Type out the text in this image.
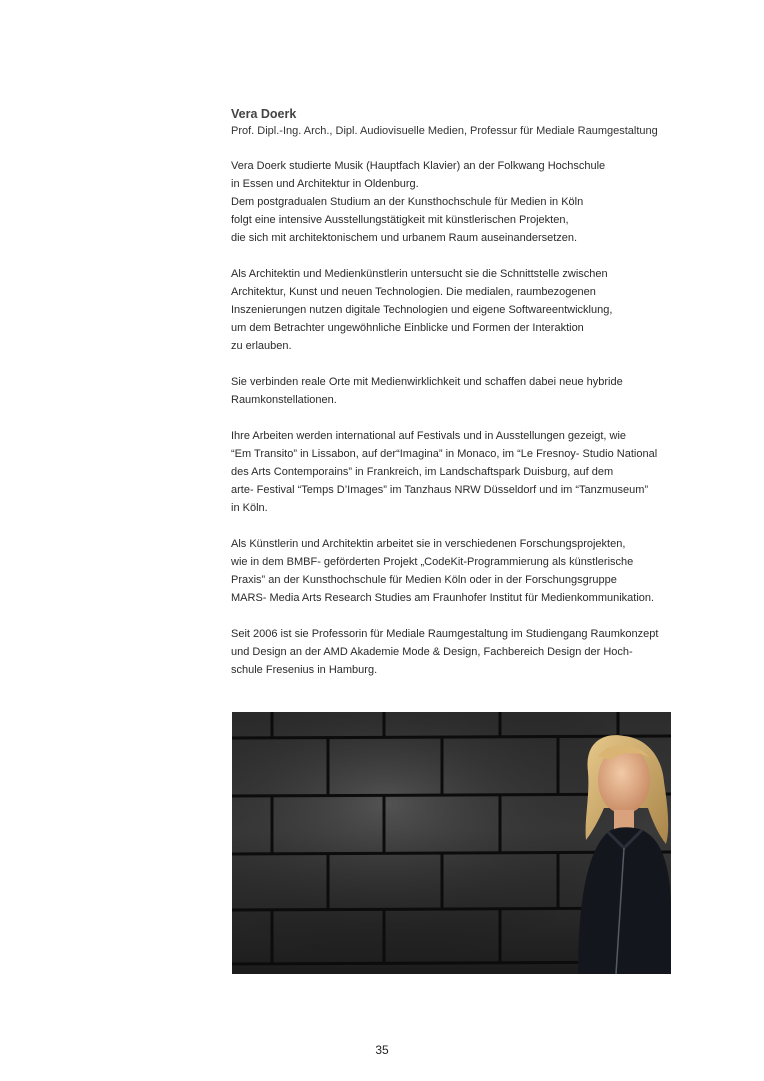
Vera Doerk

Prof. Dipl.-Ing. Arch., Dipl. Audiovisuelle Medien, Professur für Mediale Raumgestaltung

Vera Doerk studierte Musik (Hauptfach Klavier) an der Folkwang Hochschule
in Essen und Architektur in Oldenburg.
Dem postgradualen Studium an der Kunsthochschule für Medien in Köln
folgt eine intensive Ausstellungstätigkeit mit künstlerischen Projekten,
die sich mit architektonischem und urbanem Raum auseinandersetzen.
Als Architektin und Medienkünstlerin untersucht sie die Schnittstelle zwischen
Architektur, Kunst und neuen Technologien. Die medialen, raumbezogenen
Inszenierungen nutzen digitale Technologien und eigene Softwareentwicklung,
um dem Betrachter ungewöhnliche Einblicke und Formen der Interaktion
zu erlauben.
Sie verbinden reale Orte mit Medienwirklichkeit und schaffen dabei neue hybride
Raumkonstellationen.
Ihre Arbeiten werden international auf Festivals und in Ausstellungen gezeigt, wie
“Em Transito” in Lissabon, auf der“Imagina” in Monaco, im “Le Fresnoy- Studio National
des Arts Contemporains” in Frankreich, im Landschaftspark Duisburg, auf dem
arte- Festival “Temps D’Images” im Tanzhaus NRW Düsseldorf und im “Tanzmuseum”
in Köln.
Als Künstlerin und Architektin arbeitet sie in verschiedenen Forschungsprojekten,
wie in dem BMBF- geförderten Projekt „CodeKit-Programmierung als künstlerische
Praxis” an der Kunsthochschule für Medien Köln oder in der Forschungsgruppe
MARS- Media Arts Research Studies am Fraunhofer Institut für Medienkommunikation.
Seit 2006 ist sie Professorin für Mediale Raumgestaltung im Studiengang Raumkonzept
und Design an der AMD Akademie Mode & Design, Fachbereich Design der Hoch-
schule Fresenius in Hamburg.
35
